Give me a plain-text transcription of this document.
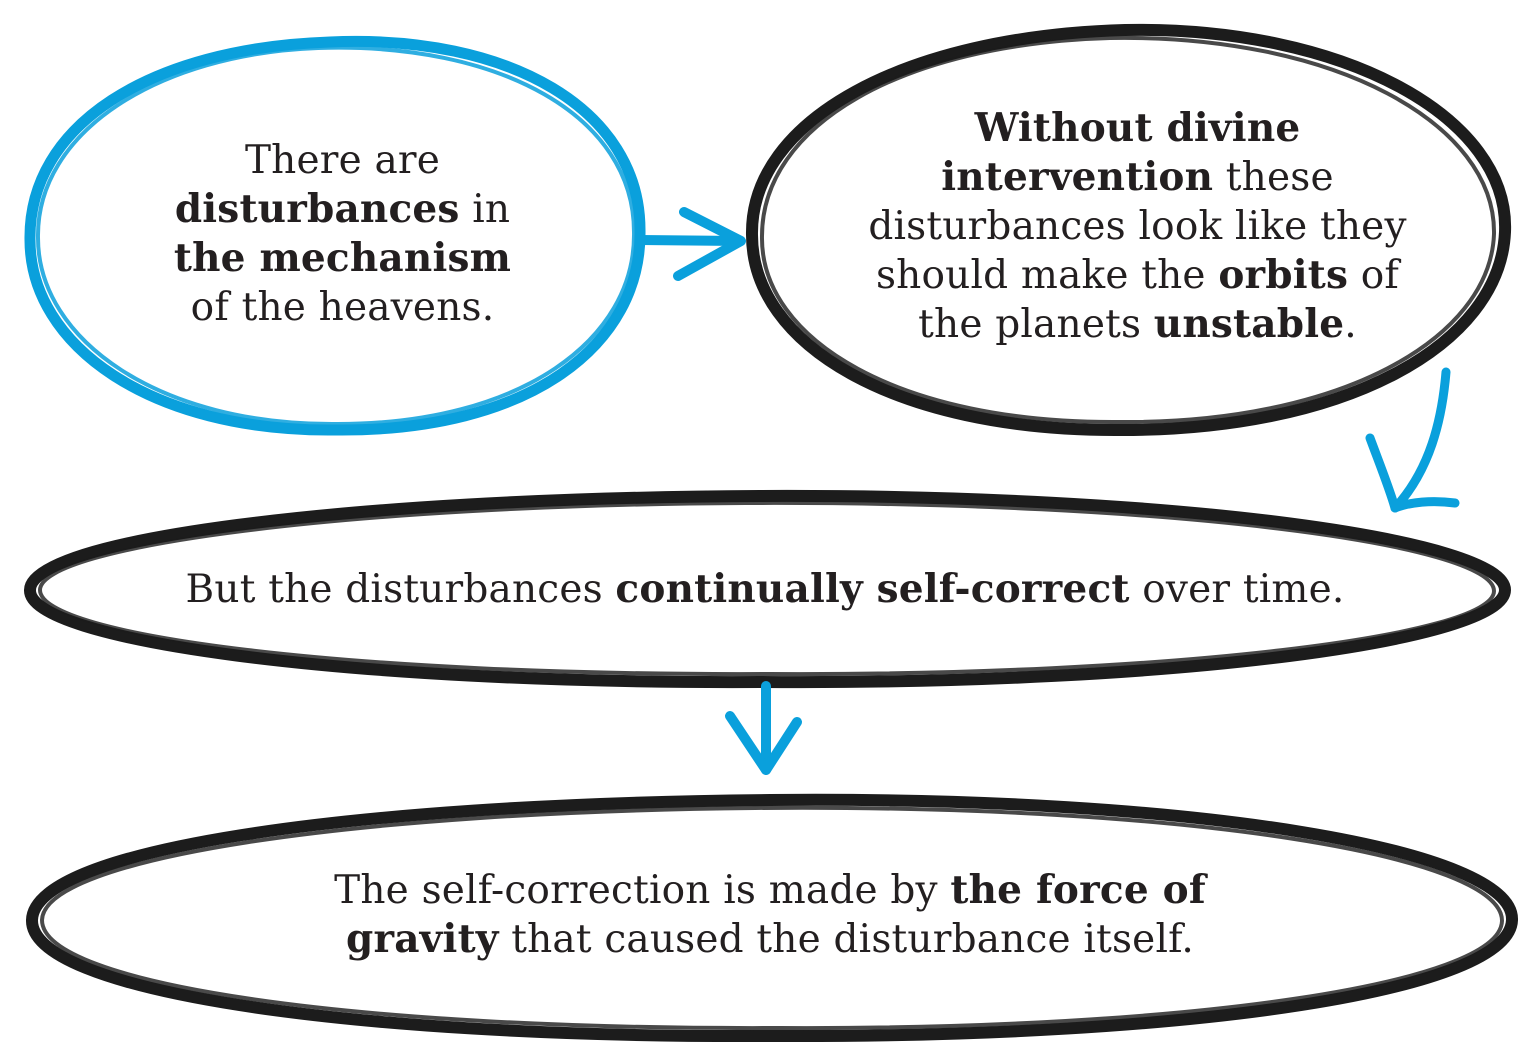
There are
disturbances in
the mechanism
of the heavens.
Without divine
intervention these
disturbances look like they
should make the orbits of
the planets unstable.
But the disturbances continually self-correct over time.
The self-correction is made by the force of
gravity that caused the disturbance itself.
